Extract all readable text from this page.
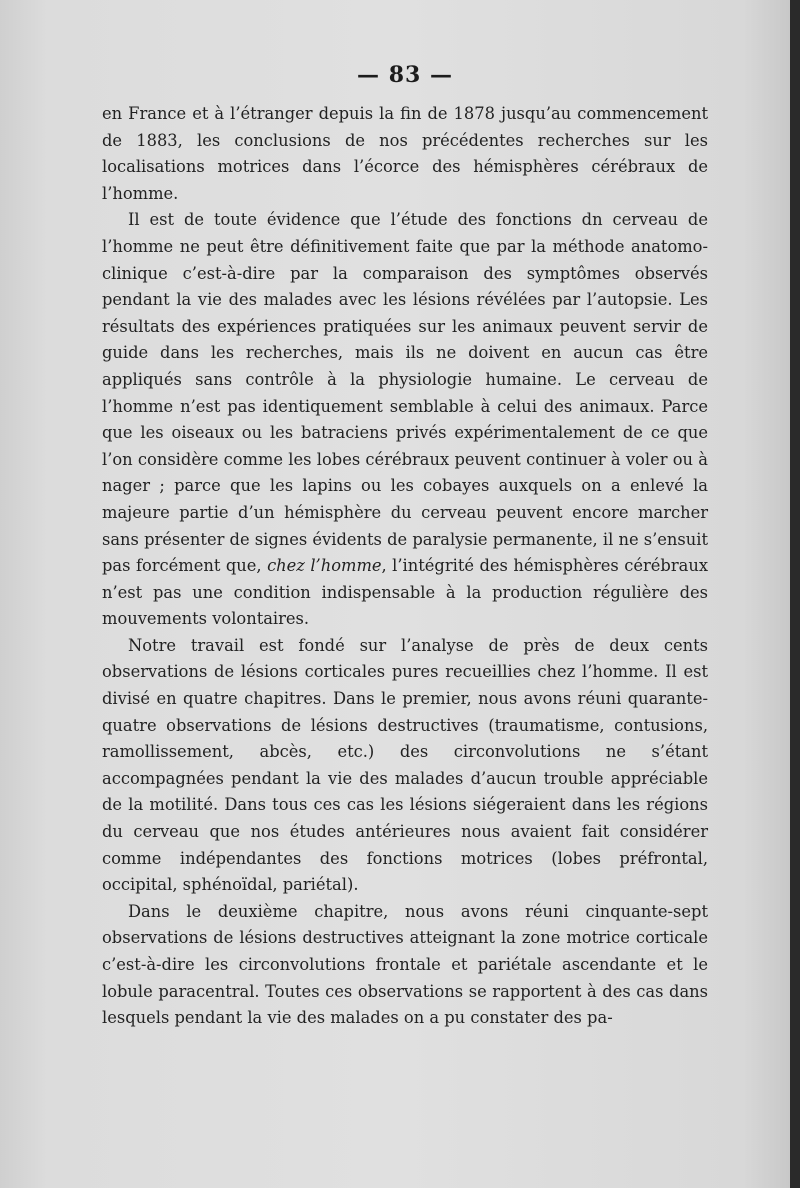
— 83 —

en France et à l’étranger depuis la fin de 1878 jusqu’au commencement de 1883, les conclusions de nos précédentes recherches sur les localisations motrices dans l’écorce des hémisphères cérébraux de l’homme.

Il est de toute évidence que l’étude des fonctions dn cerveau de l’homme ne peut être définitivement faite que par la méthode anatomo-clinique c’est-à-dire par la comparaison des symptômes observés pendant la vie des malades avec les lésions révélées par l’autopsie. Les résultats des expériences pratiquées sur les animaux peuvent servir de guide dans les recherches, mais ils ne doivent en aucun cas être appliqués sans contrôle à la physiologie humaine. Le cerveau de l’homme n’est pas identiquement semblable à celui des animaux. Parce que les oiseaux ou les batraciens privés expérimentalement de ce que l’on considère comme les lobes cérébraux peuvent continuer à voler ou à nager ; parce que les lapins ou les cobayes auxquels on a enlevé la majeure partie d’un hémisphère du cerveau peuvent encore marcher sans présenter de signes évidents de paralysie permanente, il ne s’ensuit pas forcément que, chez l’homme, l’intégrité des hémisphères cérébraux n’est pas une condition indispensable à la production régulière des mouvements volontaires.

Notre travail est fondé sur l’analyse de près de deux cents observations de lésions corticales pures recueillies chez l’homme. Il est divisé en quatre chapitres. Dans le premier, nous avons réuni quarante-quatre observations de lésions destructives (traumatisme, contusions, ramollissement, abcès, etc.) des circonvolutions ne s’étant accompagnées pendant la vie des malades d’aucun trouble appréciable de la motilité. Dans tous ces cas les lésions siégeraient dans les régions du cerveau que nos études antérieures nous avaient fait considérer comme indépendantes des fonctions motrices (lobes préfrontal, occipital, sphénoïdal, pariétal).

Dans le deuxième chapitre, nous avons réuni cinquante-sept observations de lésions destructives atteignant la zone motrice corticale c’est-à-dire les circonvolutions frontale et pariétale ascendante et le lobule paracentral. Toutes ces observations se rapportent à des cas dans lesquels pendant la vie des malades on a pu constater des pa-
